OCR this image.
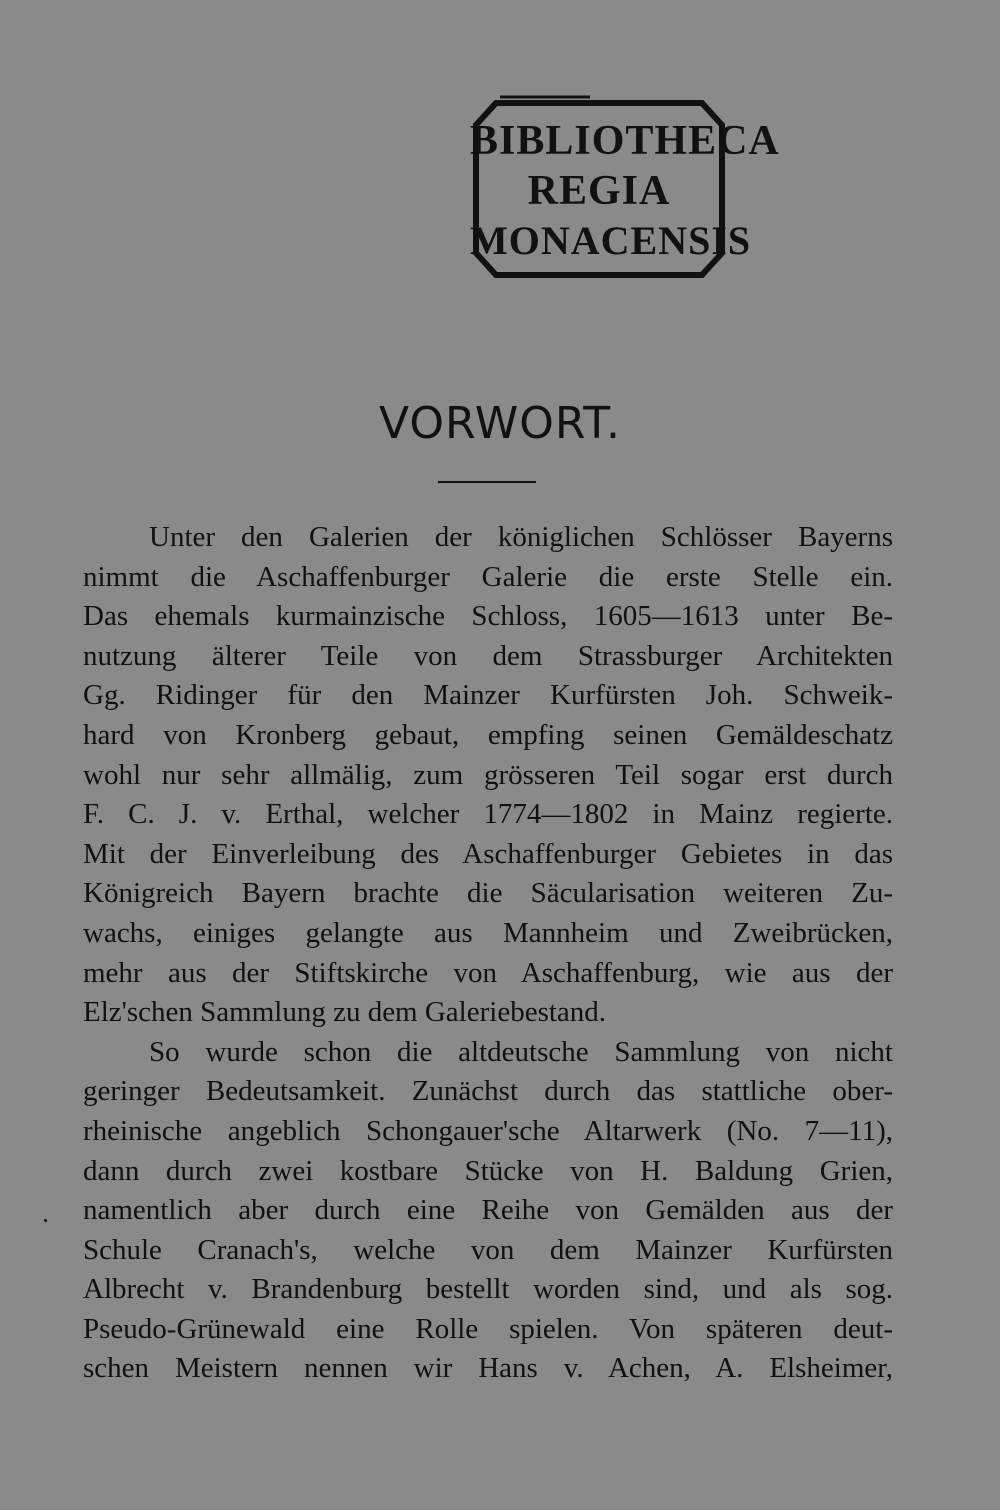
BIBLIOTHECA
REGIA
MONACENSIS
VORWORT.
Unter den Galerien der königlichen Schlösser Bayerns
nimmt die Aschaffenburger Galerie die erste Stelle ein.
Das ehemals kurmainzische Schloss, 1605—1613 unter Be-
nutzung älterer Teile von dem Strassburger Architekten
Gg. Ridinger für den Mainzer Kurfürsten Joh. Schweik-
hard von Kronberg gebaut, empfing seinen Gemäldeschatz
wohl nur sehr allmälig, zum grösseren Teil sogar erst durch
F. C. J. v. Erthal, welcher 1774—1802 in Mainz regierte.
Mit der Einverleibung des Aschaffenburger Gebietes in das
Königreich Bayern brachte die Säcularisation weiteren Zu-
wachs, einiges gelangte aus Mannheim und Zweibrücken,
mehr aus der Stiftskirche von Aschaffenburg, wie aus der
Elz'schen Sammlung zu dem Galeriebestand.
So wurde schon die altdeutsche Sammlung von nicht
geringer Bedeutsamkeit. Zunächst durch das stattliche ober-
rheinische angeblich Schongauer'sche Altarwerk (No. 7—11),
dann durch zwei kostbare Stücke von H. Baldung Grien,
namentlich aber durch eine Reihe von Gemälden aus der
Schule Cranach's, welche von dem Mainzer Kurfürsten
Albrecht v. Brandenburg bestellt worden sind, und als sog.
Pseudo-Grünewald eine Rolle spielen. Von späteren deut-
schen Meistern nennen wir Hans v. Achen, A. Elsheimer,
